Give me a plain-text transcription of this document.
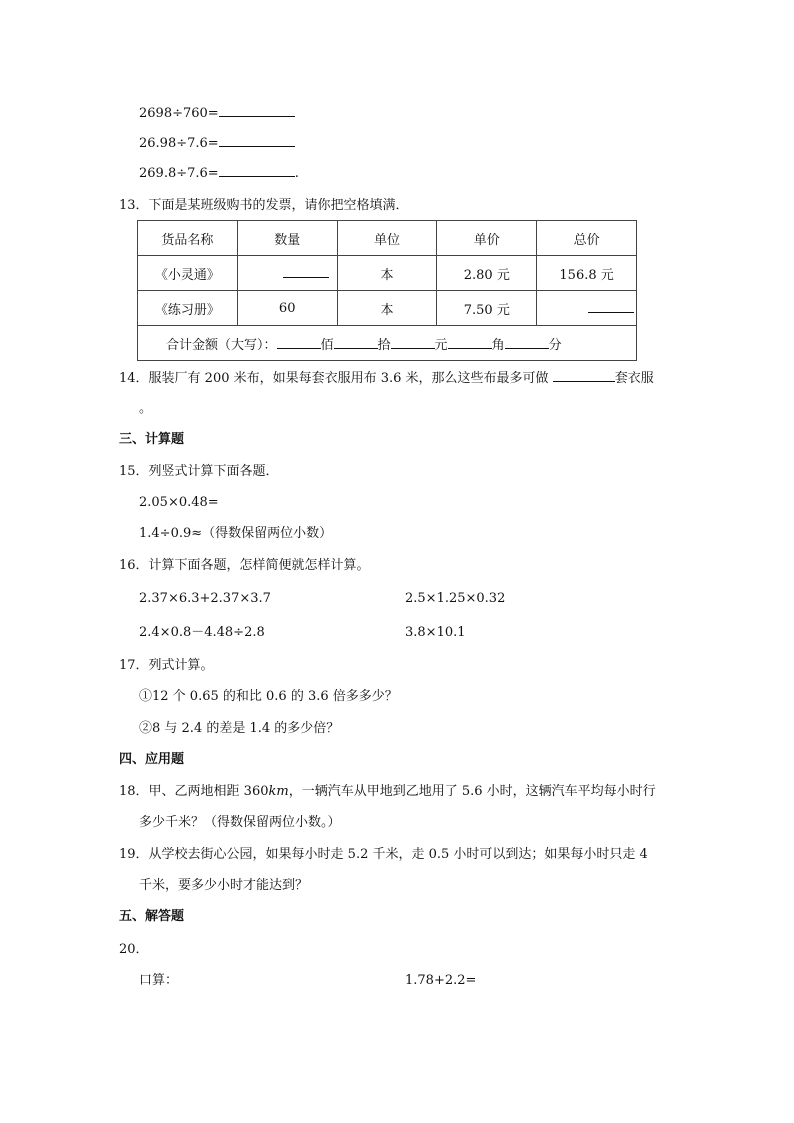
2698÷760=
26.98÷7.6=
269.8÷7.6=	.
13．下面是某班级购书的发票，请你把空格填满．
货品名称	数量	单位	单价	总价
《小灵通》		本	2.80 元	156.8 元
《练习册》	60	本	7.50 元	
合计金额（大写）： 佰 拾 元 角 分				
14．服装厂有 200 米布，如果每套衣服用布 3.6 米，那么这些布最多可做	套衣服
。
三、计算题
15．列竖式计算下面各题．
2.05×0.48=
1.4÷0.9≈（得数保留两位小数）
16．计算下面各题，怎样简便就怎样计算。
2.37×6.3+2.37×3.7	2.5×1.25×0.32
2.4×0.8－4.48÷2.8	3.8×10.1
17．列式计算。
①12 个 0.65 的和比 0.6 的 3.6 倍多多少？
②8 与 2.4 的差是 1.4 的多少倍？
四、应用题
18．甲、乙两地相距 360km，一辆汽车从甲地到乙地用了 5.6 小时，这辆汽车平均每小时行
多少千米？（得数保留两位小数。）
19．从学校去街心公园，如果每小时走 5.2 千米，走 0.5 小时可以到达；如果每小时只走 4
千米，要多少小时才能达到？
五、解答题
20．
口算：	1.78+2.2=
